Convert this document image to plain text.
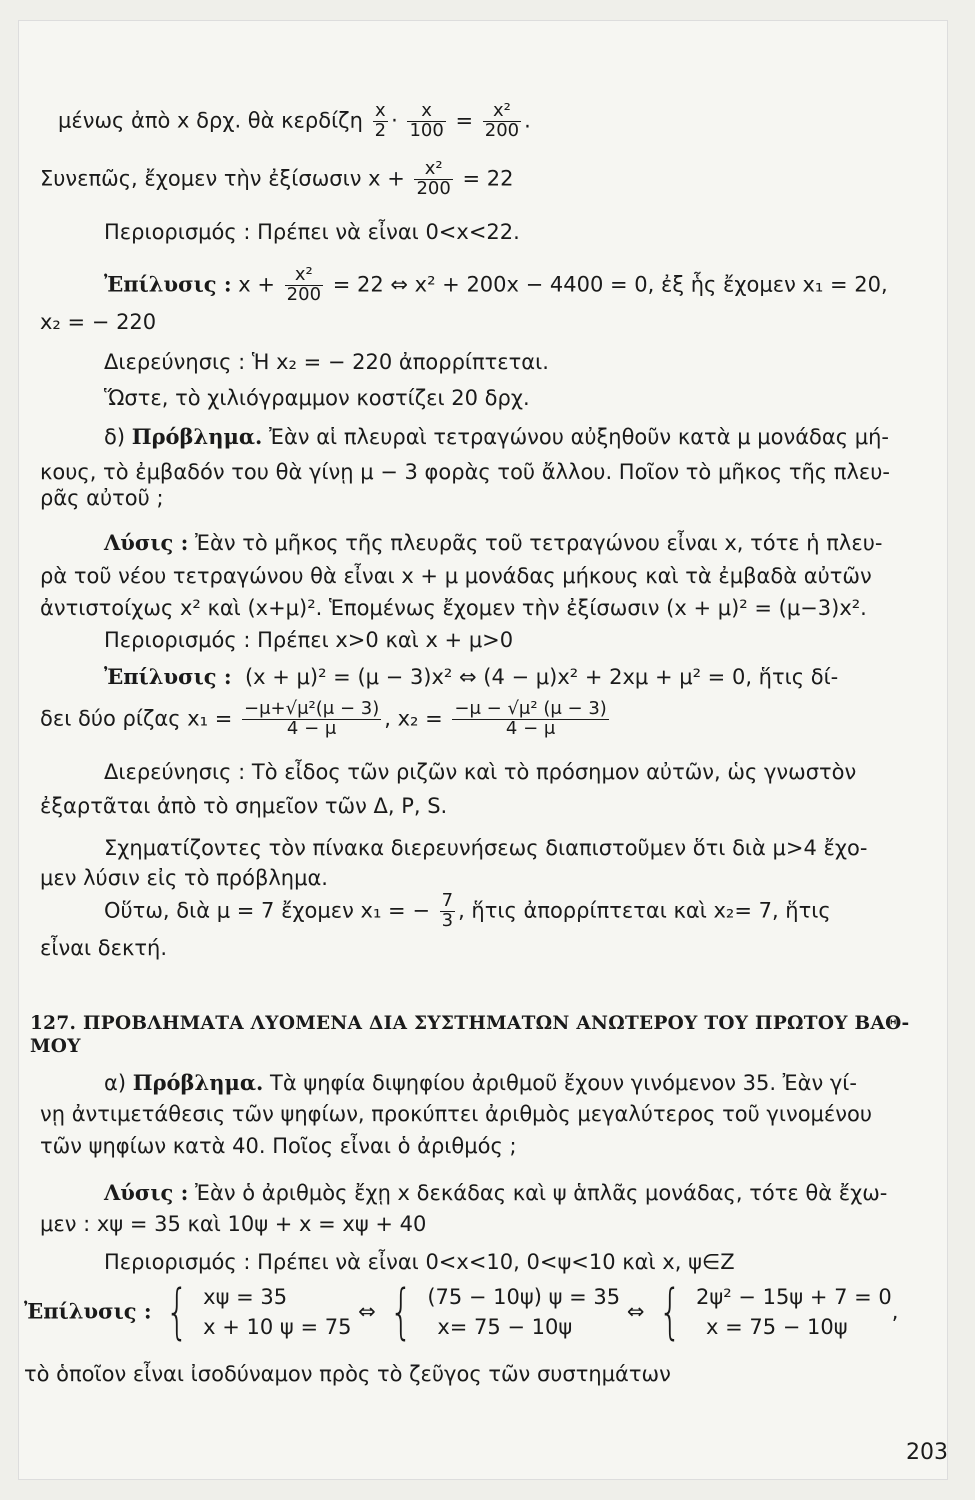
μένως ἀπὸ x δρχ. θὰ κερδίζη $\frac{x}{2} \cdot \frac{x}{100} = \frac{\text{x²}}{200}$ .
Συνεπῶς, ἔχομεν τὴν ἐξίσωσιν $x + \frac{\text{x²}}{200} = 22$
Περιορισμός : Πρέπει νὰ εἶναι 0<x<22.
Ἐπίλυσις : $x + \frac{\text{x²}}{200} = 22$ ⇔ x² + 200x − 4400 = 0, ἐξ ἧς ἔχομεν x₁ = 20,
x₂ = − 220
Διερεύνησις : Ἡ x₂ = − 220 ἀπορρίπτεται.
Ὥστε, τὸ χιλιόγραμμον κοστίζει 20 δρχ.
δ) Πρόβλημα. Ἐὰν αἱ πλευραὶ τετραγώνου αὐξηθοῦν κατὰ μ μονάδας μή-
κους, τὸ ἐμβαδόν του θὰ γίνῃ μ − 3 φορὰς τοῦ ἄλλου. Ποῖον τὸ μῆκος τῆς πλευ-
ρᾶς αὐτοῦ ;
Λύσις : Ἐὰν τὸ μῆκος τῆς πλευρᾶς τοῦ τετραγώνου εἶναι x, τότε ἡ πλευ-
ρὰ τοῦ νέου τετραγώνου θὰ εἶναι x + μ μονάδας μήκους καὶ τὰ ἐμβαδὰ αὐτῶν
ἀντιστοίχως x² καὶ (x+μ)². Ἑπομένως ἔχομεν τὴν ἐξίσωσιν (x + μ)² = (μ−3)x².
Περιορισμός : Πρέπει x>0 καὶ x + μ>0
Ἐπίλυσις : (x + μ)² = (μ − 3)x² ⇔ (4 − μ)x² + 2xμ + μ² = 0, ἥτις δί-
δει δύο ρίζας $x_1 = \frac{\text{−μ+√μ²(μ − 3)}}{4 - \mu}$ , $x_2 = \frac{\text{−μ − √μ² (μ − 3)}}{4 - \mu}$
Διερεύνησις : Τὸ εἶδος τῶν ριζῶν καὶ τὸ πρόσημον αὐτῶν, ὡς γνωστὸν
ἐξαρτᾶται ἀπὸ τὸ σημεῖον τῶν Δ, P, S.
Σχηματίζοντες τὸν πίνακα διερευνήσεως διαπιστοῦμεν ὅτι διὰ μ>4 ἔχο-
μεν λύσιν εἰς τὸ πρόβλημα.
Οὕτω, διὰ μ = 7 ἔχομεν x₁ = − $\frac{7}{3}$ , ἥτις ἀπορρίπτεται καὶ x₂= 7, ἥτις
εἶναι δεκτή.
127. ΠΡΟΒΛΗΜΑΤΑ ΛΥΟΜΕΝΑ ΔΙΑ ΣΥΣΤΗΜΑΤΩΝ ΑΝΩΤΕΡΟΥ ΤΟΥ ΠΡΩΤΟΥ ΒΑΘ-ΜΟΥ
α) Πρόβλημα. Τὰ ψηφία διψηφίου ἀριθμοῦ ἔχουν γινόμενον 35. Ἐὰν γί-
νῃ ἀντιμετάθεσις τῶν ψηφίων, προκύπτει ἀριθμὸς μεγαλύτερος τοῦ γινομένου
τῶν ψηφίων κατὰ 40. Ποῖος εἶναι ὁ ἀριθμός ;
Λύσις : Ἐὰν ὁ ἀριθμὸς ἔχῃ x δεκάδας καὶ ψ ἁπλᾶς μονάδας, τότε θὰ ἔχω-
μεν : xψ = 35 καὶ 10ψ + x = xψ + 40
Περιορισμός : Πρέπει νὰ εἶναι 0<x<10, 0<ψ<10 καὶ x, ψ∈Z
Ἐπίλυσις : { xψ = 35
x + 10 ψ = 75
⇔ { (75 − 10ψ) ψ = 35
x= 75 − 10ψ
⇔ { 2ψ² − 15ψ + 7 = 0
x = 75 − 10ψ
,
τὸ ὁποῖον εἶναι ἰσοδύναμον πρὸς τὸ ζεῦγος τῶν συστημάτων
203
